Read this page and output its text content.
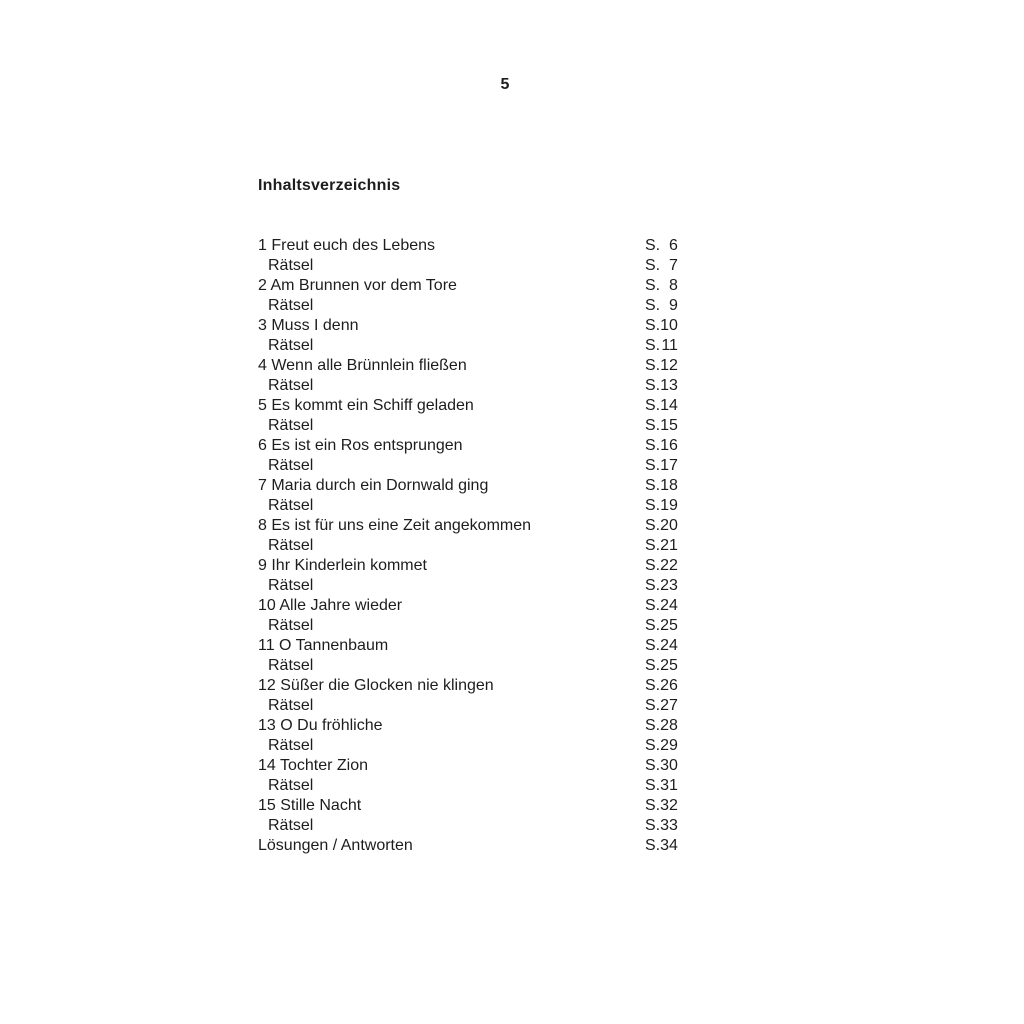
5
Inhaltsverzeichnis
1 Freut euch des Lebens	S. 6
Rätsel	S. 7
2 Am Brunnen vor dem Tore	S. 8
Rätsel	S. 9
3 Muss I denn	S.10
Rätsel	S.11
4 Wenn alle Brünnlein fließen	S.12
Rätsel	S.13
5 Es kommt ein Schiff geladen	S.14
Rätsel	S.15
6 Es ist ein Ros entsprungen	S.16
Rätsel	S.17
7 Maria durch ein Dornwald ging	S.18
Rätsel	S.19
8 Es ist für uns eine Zeit angekommen	S.20
Rätsel	S.21
9 Ihr Kinderlein kommet	S.22
Rätsel	S.23
10 Alle Jahre wieder	S.24
Rätsel	S.25
11 O Tannenbaum	S.24
Rätsel	S.25
12 Süßer die Glocken nie klingen	S.26
Rätsel	S.27
13 O Du fröhliche	S.28
Rätsel	S.29
14 Tochter Zion	S.30
Rätsel	S.31
15 Stille Nacht	S.32
Rätsel	S.33
Lösungen / Antworten	S.34
